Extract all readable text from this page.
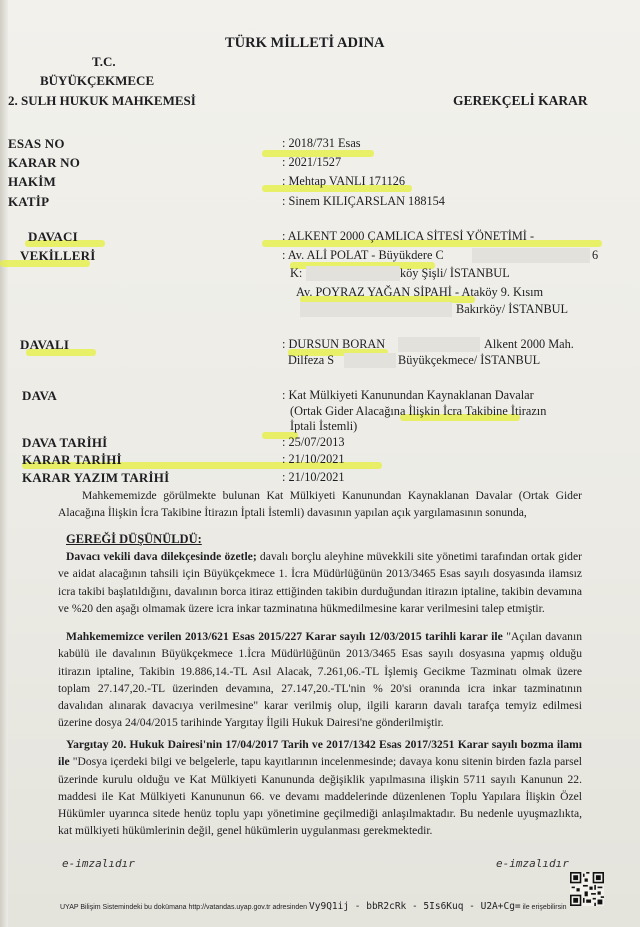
TÜRK MİLLETİ ADINA
T.C.
BÜYÜKÇEKMECE
2. SULH HUKUK MAHKEMESİ	GEREKÇELİ KARAR
ESAS NO	: 2018/731 Esas
KARAR NO	: 2021/1527
HAKİM	: Mehtap VANLI 171126
KATİP	: Sinem KILIÇARSLAN 188154
DAVACI	: ALKENT 2000 ÇAMLICA SİTESİ YÖNETİMİ -
VEKİLLERİ	: Av. ALİ POLAT - Büyükdere C	6
K:	köy Şişli/ İSTANBUL
Av. POYRAZ YAĞAN SİPAHİ - Ataköy 9. Kısım
Bakırköy/ İSTANBUL
DAVALI	: DURSUN BORAN	Alkent 2000 Mah.
Dilfeza S	Büyükçekmece/ İSTANBUL
DAVA	: Kat Mülkiyeti Kanunundan Kaynaklanan Davalar
(Ortak Gider Alacağına İlişkin İcra Takibine İtirazın
İptali İstemli)
DAVA TARİHİ	: 25/07/2013
KARAR TARİHİ	: 21/10/2021
KARAR YAZIM TARİHİ	: 21/10/2021

Mahkememizde görülmekte bulunan Kat Mülkiyeti Kanunundan Kaynaklanan Davalar (Ortak Gider Alacağına İlişkin İcra Takibine İtirazın İptali İstemli) davasının yapılan açık yargılamasının sonunda,

GEREĞİ DÜŞÜNÜLDÜ:

Davacı vekili dava dilekçesinde özetle; davalı borçlu aleyhine müvekkili site yönetimi tarafından ortak gider ve aidat alacağının tahsili için Büyükçekmece 1. İcra Müdürlüğünün 2013/3465 Esas sayılı dosyasında ilamsız icra takibi başlatıldığını, davalının borca itiraz ettiğinden takibin durduğundan itirazın iptaline, takibin devamına ve %20 den aşağı olmamak üzere icra inkar tazminatına hükmedilmesine karar verilmesini talep etmiştir.

Mahkememizce verilen 2013/621 Esas 2015/227 Karar sayılı 12/03/2015 tarihli karar ile "Açılan davanın kabülü ile davalının Büyükçekmece 1.İcra Müdürlüğünün 2013/3465 Esas sayılı dosyasına yapmış olduğu itirazın iptaline, Takibin 19.886,14.-TL Asıl Alacak, 7.261,06.-TL İşlemiş Gecikme Tazminatı olmak üzere toplam 27.147,20.-TL üzerinden devamına, 27.147,20.-TL'nin % 20'si oranında icra inkar tazminatının davalıdan alınarak davacıya verilmesine" karar verilmiş olup, ilgili kararın davalı tarafça temyiz edilmesi üzerine dosya 24/04/2015 tarihinde Yargıtay İlgili Hukuk Dairesi'ne gönderilmiştir.

Yargıtay 20. Hukuk Dairesi'nin 17/04/2017 Tarih ve 2017/1342 Esas 2017/3251 Karar sayılı bozma ilamı ile "Dosya içerdeki bilgi ve belgelerle, tapu kayıtlarının incelenmesinde; davaya konu sitenin birden fazla parsel üzerinde kurulu olduğu ve Kat Mülkiyeti Kanununda değişiklik yapılmasına ilişkin 5711 sayılı Kanunun 22. maddesi ile Kat Mülkiyeti Kanununun 66. ve devamı maddelerinde düzenlenen Toplu Yapılara İlişkin Özel Hükümler uyarınca sitede henüz toplu yapı yönetimine geçilmediği anlaşılmaktadır. Bu nedenle uyuşmazlıkta, kat mülkiyeti hükümlerinin değil, genel hükümlerin uygulanması gerekmektedir.

e-imzalıdır	e-imzalıdır
UYAP Bilişim Sistemindeki bu dokümana http://vatandas.uyap.gov.tr adresinden Vy9Q1ij - bbR2cRk - 5Is6Kuq - U2A+Cg= ile erişebilirsin
